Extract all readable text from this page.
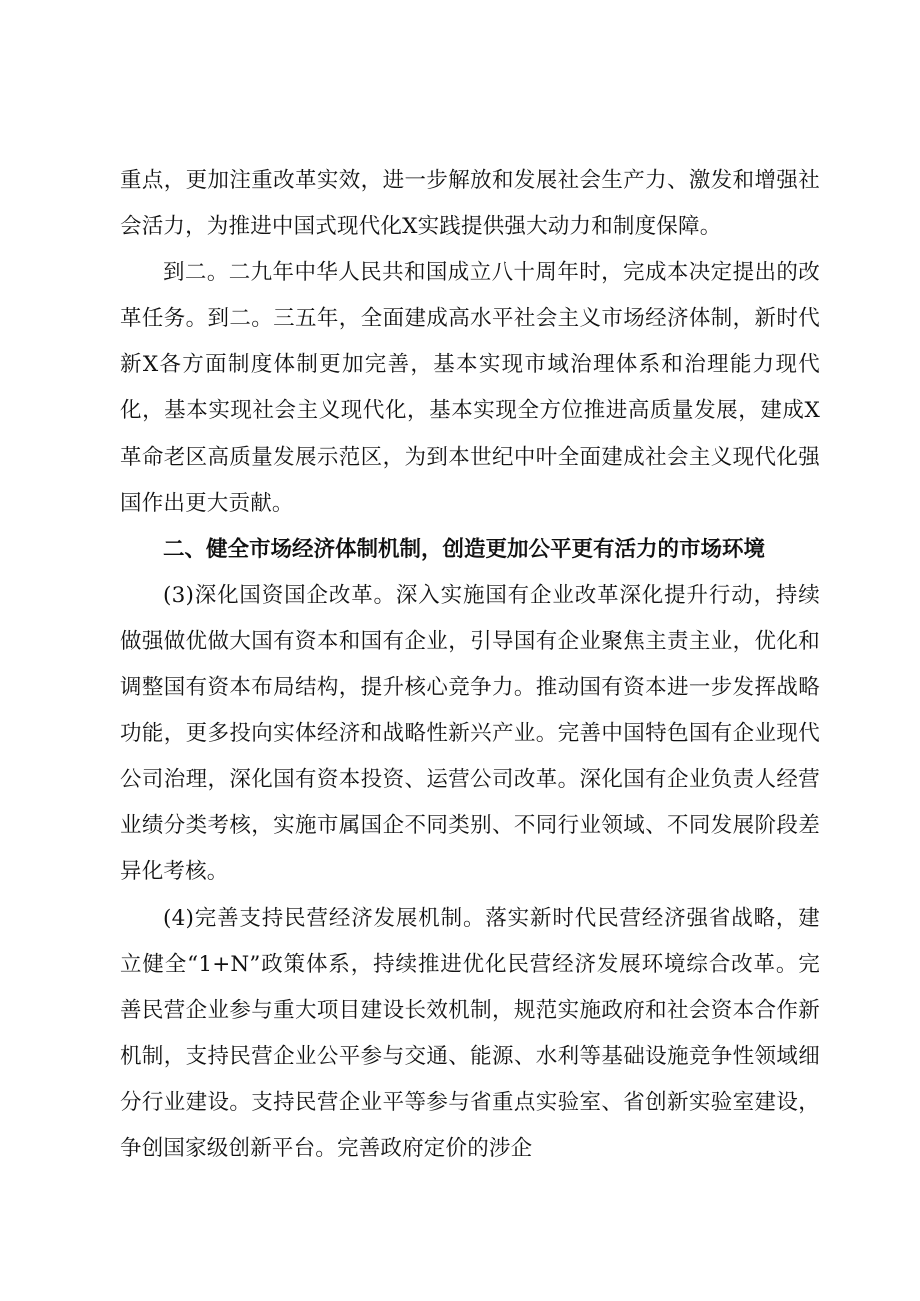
重点，更加注重改革实效，进一步解放和发展社会生产力、激发和增强社会活力，为推进中国式现代化X实践提供强大动力和制度保障。

到二。二九年中华人民共和国成立八十周年时，完成本决定提出的改革任务。到二。三五年，全面建成高水平社会主义市场经济体制，新时代新X各方面制度体制更加完善，基本实现市域治理体系和治理能力现代化，基本实现社会主义现代化，基本实现全方位推进高质量发展，建成X革命老区高质量发展示范区，为到本世纪中叶全面建成社会主义现代化强国作出更大贡献。

二、健全市场经济体制机制，创造更加公平更有活力的市场环境

(3)深化国资国企改革。深入实施国有企业改革深化提升行动，持续做强做优做大国有资本和国有企业，引导国有企业聚焦主责主业，优化和调整国有资本布局结构，提升核心竞争力。推动国有资本进一步发挥战略功能，更多投向实体经济和战略性新兴产业。完善中国特色国有企业现代公司治理，深化国有资本投资、运营公司改革。深化国有企业负责人经营业绩分类考核，实施市属国企不同类别、不同行业领域、不同发展阶段差异化考核。

(4)完善支持民营经济发展机制。落实新时代民营经济强省战略，建立健全“1+N”政策体系，持续推进优化民营经济发展环境综合改革。完善民营企业参与重大项目建设长效机制，规范实施政府和社会资本合作新机制，支持民营企业公平参与交通、能源、水利等基础设施竞争性领域细分行业建设。支持民营企业平等参与省重点实验室、省创新实验室建设，争创国家级创新平台。完善政府定价的涉企
